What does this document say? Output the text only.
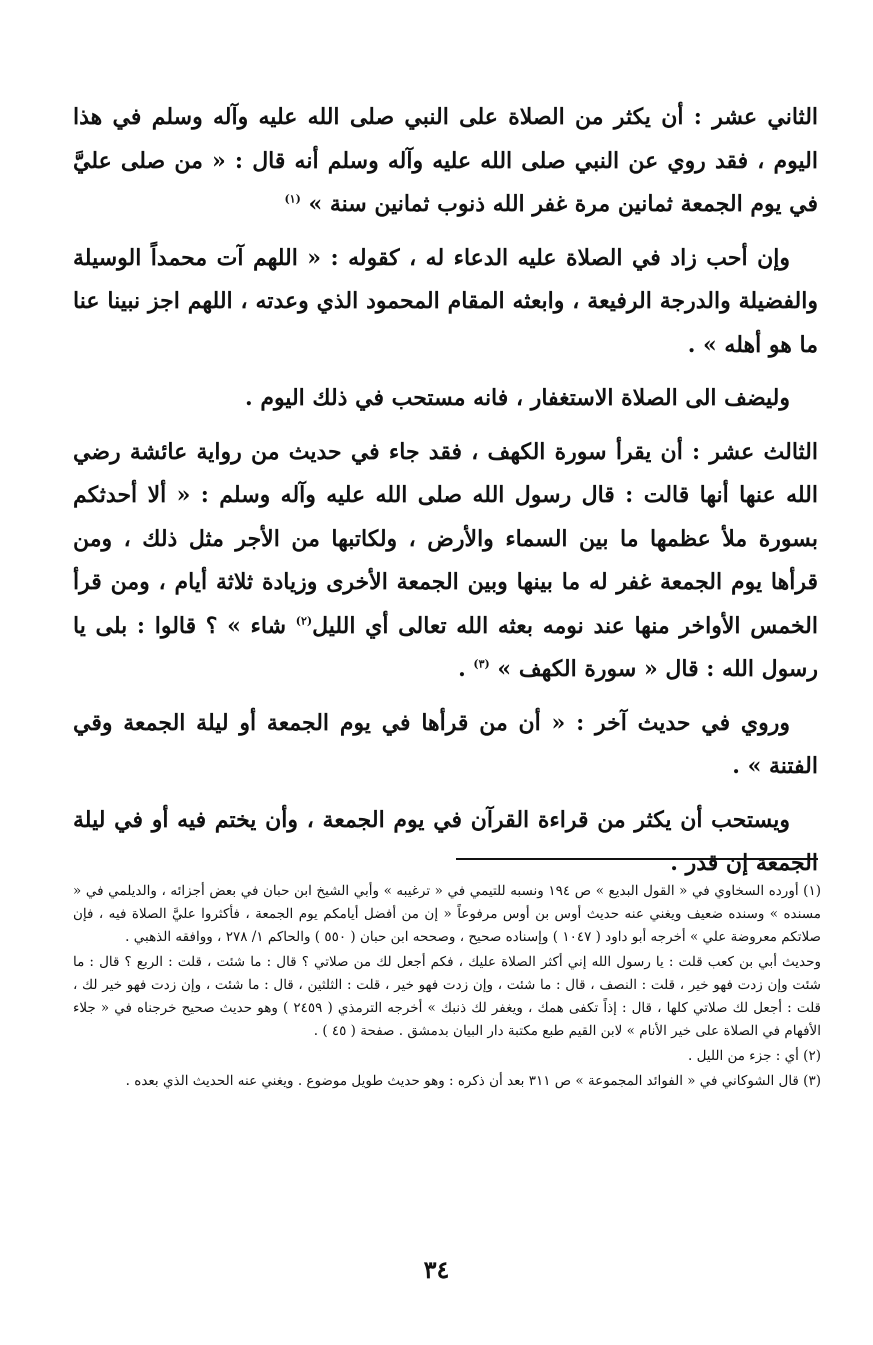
الثاني عشر : أن يكثر من الصلاة على النبي صلى الله عليه وآله وسلم في هذا اليوم ، فقد روي عن النبي صلى الله عليه وآله وسلم أنه قال : « من صلى عليَّ في يوم الجمعة ثمانين مرة غفر الله ذنوب ثمانين سنة » $^{(١)}$

وإن أحب زاد في الصلاة عليه الدعاء له ، كقوله : « اللهم آت محمداً الوسيلة والفضيلة والدرجة الرفيعة ، وابعثه المقام المحمود الذي وعدته ، اللهم اجز نبينا عنا ما هو أهله » .

وليضف الى الصلاة الاستغفار ، فانه مستحب في ذلك اليوم .

الثالث عشر : أن يقرأ سورة الكهف ، فقد جاء في حديث من رواية عائشة رضي الله عنها أنها قالت : قال رسول الله صلى الله عليه وآله وسلم : « ألا أحدثكم بسورة ملأ عظمها ما بين السماء والأرض ، ولكاتبها من الأجر مثل ذلك ، ومن قرأها يوم الجمعة غفر له ما بينها وبين الجمعة الأخرى وزيادة ثلاثة أيام ، ومن قرأ الخمس الأواخر منها عند نومه بعثه الله تعالى أي الليل$^{(٢)}$ شاء » ؟ قالوا : بلى يا رسول الله : قال « سورة الكهف » $^{(٣)}$ .

وروي في حديث آخر : « أن من قرأها في يوم الجمعة أو ليلة الجمعة وقي الفتنة » .

ويستحب أن يكثر من قراءة القرآن في يوم الجمعة ، وأن يختم فيه أو في ليلة الجمعة إن قدر .

(١) أورده السخاوي في « القول البديع » ص ١٩٤ ونسبه للتيمي في « ترغيبه » وأبي الشيخ ابن حبان في بعض أجزائه ، والديلمي في « مسنده » وسنده ضعيف ويغني عنه حديث أوس بن أوس مرفوعاً « إن من أفضل أيامكم يوم الجمعة ، فأكثروا عليَّ الصلاة فيه ، فإن صلاتكم معروضة علي » أخرجه أبو داود ( ١٠٤٧ ) وإسناده صحيح ، وصححه ابن حبان ( ٥٥٠ ) والحاكم ١/ ٢٧٨ ، ووافقه الذهبي .

وحديث أبي بن كعب قلت : يا رسول الله إني أكثر الصلاة عليك ، فكم أجعل لك من صلاتي ؟ قال : ما شئت ، قلت : الربع ؟ قال : ما شئت وإن زدت فهو خير ، قلت : النصف ، قال : ما شئت ، وإن زدت فهو خير ، قلت : الثلثين ، قال : ما شئت ، وإن زدت فهو خير لك ، قلت : أجعل لك صلاتي كلها ، قال : إذاً تكفى همك ، ويغفر لك ذنبك » أخرجه الترمذي ( ٢٤٥٩ ) وهو حديث صحيح خرجناه في « جلاء الأفهام في الصلاة على خير الأنام » لابن القيم طبع مكتبة دار البيان بدمشق . صفحة ( ٤٥ ) .

(٢) أي : جزء من الليل .

(٣) قال الشوكاني في « الفوائد المجموعة » ص ٣١١ بعد أن ذكره : وهو حديث طويل موضوع . ويغني عنه الحديث الذي بعده .

٣٤
